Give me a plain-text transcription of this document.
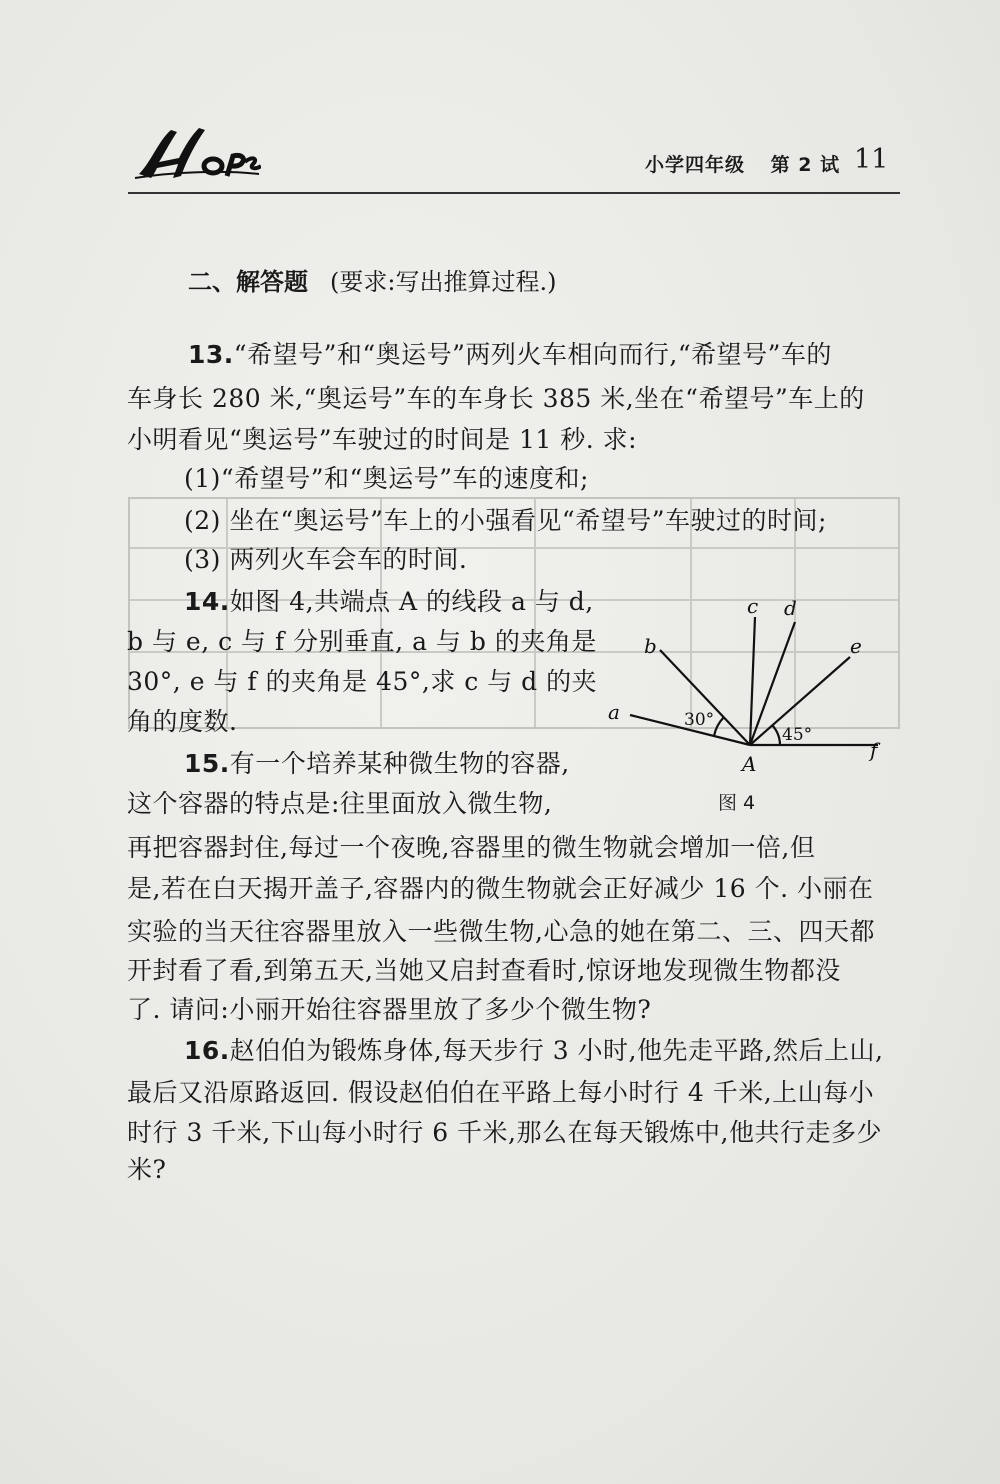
小学四年级 第 2 试 11
二、解答题 (要求:写出推算过程.)
13.“希望号”和“奥运号”两列火车相向而行,“希望号”车的
车身长 280 米,“奥运号”车的车身长 385 米,坐在“希望号”车上的
小明看见“奥运号”车驶过的时间是 11 秒. 求:
(1)“希望号”和“奥运号”车的速度和;
(2) 坐在“奥运号”车上的小强看见“希望号”车驶过的时间;
(3) 两列火车会车的时间.
14.如图 4,共端点 A 的线段 a 与 d,
b 与 e, c 与 f 分别垂直, a 与 b 的夹角是
30°, e 与 f 的夹角是 45°,求 c 与 d 的夹
角的度数.	a
b
c d
e
f
A
30°
45°
图 4
15.有一个培养某种微生物的容器,
这个容器的特点是:往里面放入微生物,
再把容器封住,每过一个夜晚,容器里的微生物就会增加一倍,但
是,若在白天揭开盖子,容器内的微生物就会正好减少 16 个. 小丽在
实验的当天往容器里放入一些微生物,心急的她在第二、三、四天都
开封看了看,到第五天,当她又启封查看时,惊讶地发现微生物都没
了. 请问:小丽开始往容器里放了多少个微生物?
16.赵伯伯为锻炼身体,每天步行 3 小时,他先走平路,然后上山,
最后又沿原路返回. 假设赵伯伯在平路上每小时行 4 千米,上山每小
时行 3 千米,下山每小时行 6 千米,那么在每天锻炼中,他共行走多少
米?
